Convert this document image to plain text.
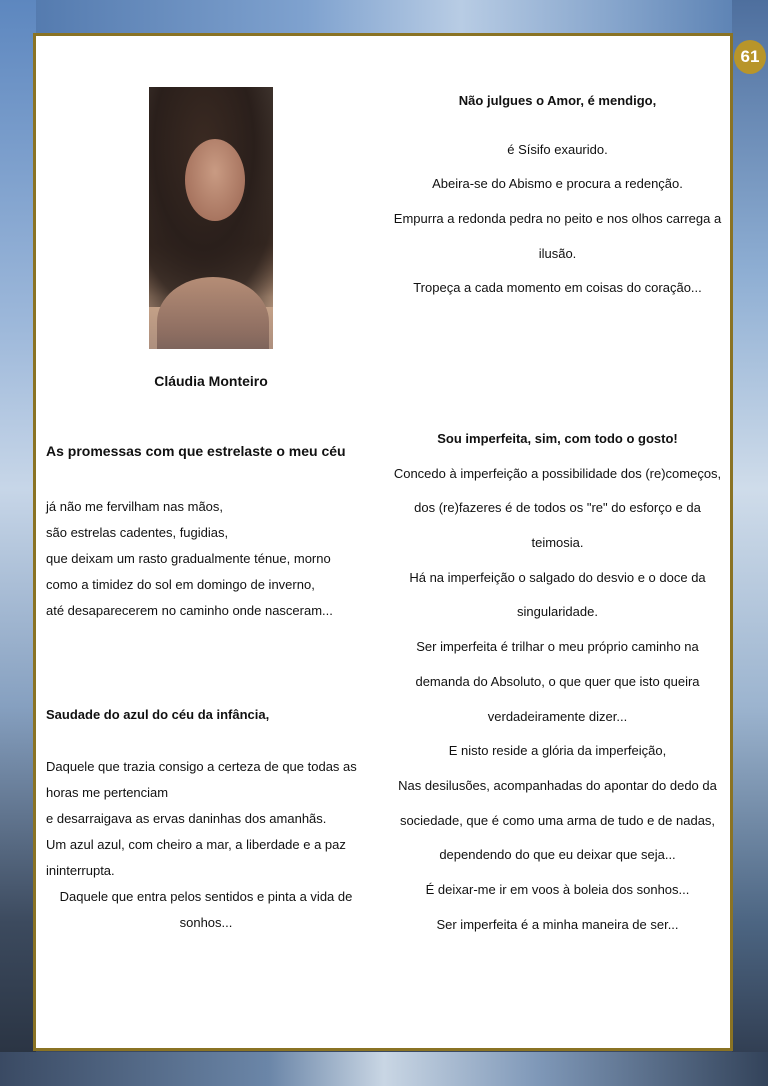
61
Cláudia Monteiro
Não julgues o Amor, é mendigo,
é Sísifo exaurido.
Abeira-se do Abismo e procura a redenção.
Empurra a redonda pedra no peito e nos olhos carrega a
ilusão.
Tropeça a cada momento em coisas do coração...
As promessas com que estrelaste o meu céu
já não me fervilham nas mãos,
são estrelas cadentes, fugidias,
que deixam um rasto gradualmente ténue, morno
como a timidez do sol em domingo de inverno,
até desaparecerem no caminho onde nasceram...
Saudade do azul do céu da infância,
Daquele que trazia consigo a certeza de que todas as
horas me pertenciam
e desarraigava as ervas daninhas dos amanhãs.
Um azul azul, com cheiro a mar, a liberdade e a paz
ininterrupta.
Daquele que entra pelos sentidos e pinta a vida de
sonhos...
Sou imperfeita, sim, com todo o gosto!
Concedo à imperfeição a possibilidade dos (re)começos,
dos (re)fazeres é de todos os "re" do esforço e da
teimosia.
Há na imperfeição o salgado do desvio e o doce da
singularidade.
Ser imperfeita é trilhar o meu próprio caminho na
demanda do Absoluto, o que quer que isto queira
verdadeiramente dizer...
E nisto reside a glória da imperfeição,
Nas desilusões, acompanhadas do apontar do dedo da
sociedade, que é como uma arma de tudo e de nadas,
dependendo do que eu deixar que seja...
É deixar-me ir em voos à boleia dos sonhos...
Ser imperfeita é a minha maneira de ser...
